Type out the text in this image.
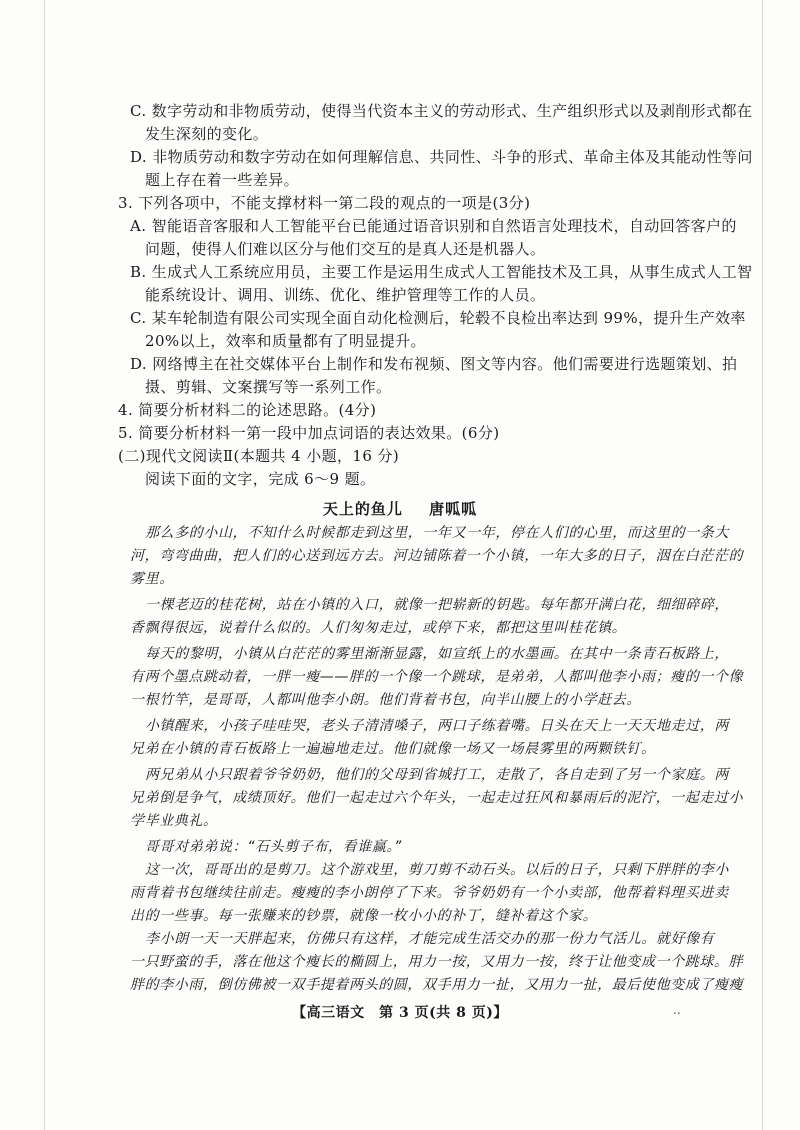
C. 数字劳动和非物质劳动，使得当代资本主义的劳动形式、生产组织形式以及剥削形式都在
发生深刻的变化。
D. 非物质劳动和数字劳动在如何理解信息、共同性、斗争的形式、革命主体及其能动性等问
题上存在着一些差异。
3. 下列各项中，不能支撑材料一第二段的观点的一项是(3分)
A. 智能语音客服和人工智能平台已能通过语音识别和自然语言处理技术，自动回答客户的
问题，使得人们难以区分与他们交互的是真人还是机器人。
B. 生成式人工系统应用员，主要工作是运用生成式人工智能技术及工具，从事生成式人工智
能系统设计、调用、训练、优化、维护管理等工作的人员。
C. 某车轮制造有限公司实现全面自动化检测后，轮毂不良检出率达到 99%，提升生产效率
20%以上，效率和质量都有了明显提升。
D. 网络博主在社交媒体平台上制作和发布视频、图文等内容。他们需要进行选题策划、拍
摄、剪辑、文案撰写等一系列工作。
4. 简要分析材料二的论述思路。(4分)
5. 简要分析材料一第一段中加点词语的表达效果。(6分)
(二)现代文阅读Ⅱ(本题共 4 小题，16 分)
阅读下面的文字，完成 6～9 题。
天上的鱼儿 唐呱呱
那么多的小山，不知什么时候都走到这里，一年又一年，停在人们的心里，而这里的一条大
河，弯弯曲曲，把人们的心送到远方去。河边铺陈着一个小镇，一年大多的日子，洇在白茫茫的
雾里。
一棵老迈的桂花树，站在小镇的入口，就像一把崭新的钥匙。每年都开满白花，细细碎碎，
香飘得很远，说着什么似的。人们匆匆走过，或停下来，都把这里叫桂花镇。
每天的黎明，小镇从白茫茫的雾里渐渐显露，如宣纸上的水墨画。在其中一条青石板路上，
有两个墨点跳动着，一胖一瘦——胖的一个像一个跳球，是弟弟，人都叫他李小雨；瘦的一个像
一根竹竿，是哥哥，人都叫他李小朗。他们背着书包，向半山腰上的小学赶去。
小镇醒来，小孩子哇哇哭，老头子清清嗓子，两口子练着嘴。日头在天上一天天地走过，两
兄弟在小镇的青石板路上一遍遍地走过。他们就像一场又一场晨雾里的两颗铁钉。
两兄弟从小只跟着爷爷奶奶，他们的父母到省城打工，走散了，各自走到了另一个家庭。两
兄弟倒是争气，成绩顶好。他们一起走过六个年头，一起走过狂风和暴雨后的泥泞，一起走过小
学毕业典礼。
【高三语文　第 3 页(共 8 页)】	..
哥哥对弟弟说：“石头剪子布，看谁赢。”
这一次，哥哥出的是剪刀。这个游戏里，剪刀剪不动石头。以后的日子，只剩下胖胖的李小
雨背着书包继续往前走。瘦瘦的李小朗停了下来。爷爷奶奶有一个小卖部，他帮着料理买进卖
出的一些事。每一张赚来的钞票，就像一枚小小的补丁，缝补着这个家。
李小朗一天一天胖起来，仿佛只有这样，才能完成生活交办的那一份力气活儿。就好像有
一只野蛮的手，落在他这个瘦长的椭圆上，用力一按，又用力一按，终于让他变成一个跳球。胖
胖的李小雨，倒仿佛被一双手提着两头的圆，双手用力一扯，又用力一扯，最后使他变成了瘦瘦
